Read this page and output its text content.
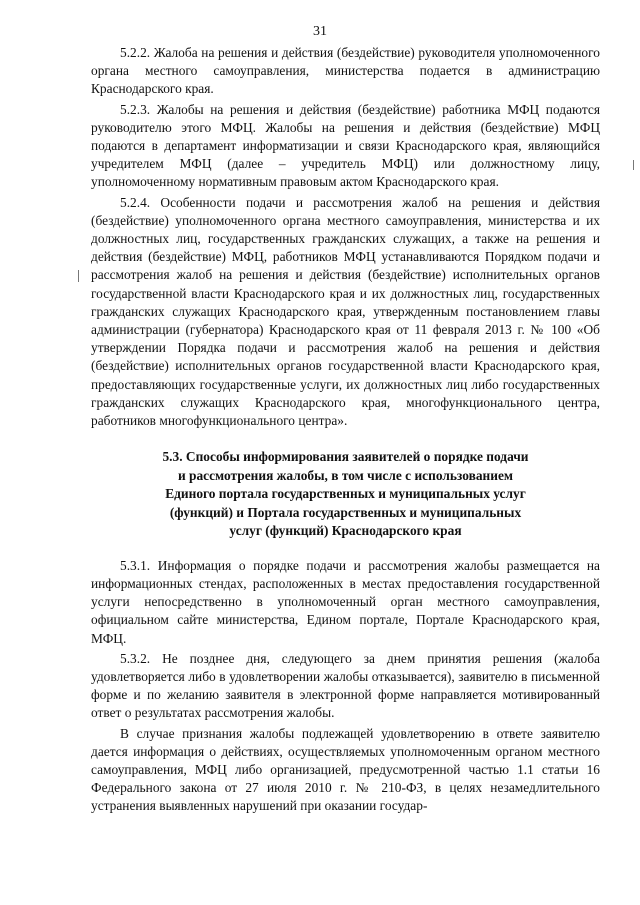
31

5.2.2. Жалоба на решения и действия (бездействие) руководителя уполномоченного органа местного самоуправления, министерства подается в администрацию Краснодарского края.

5.2.3. Жалобы на решения и действия (бездействие) работника МФЦ подаются руководителю этого МФЦ. Жалобы на решения и действия (бездействие) МФЦ подаются в департамент информатизации и связи Краснодарского края, являющийся учредителем МФЦ (далее – учредитель МФЦ) или должностному лицу, уполномоченному нормативным правовым актом Краснодарского края.

5.2.4. Особенности подачи и рассмотрения жалоб на решения и действия (бездействие) уполномоченного органа местного самоуправления, министерства и их должностных лиц, государственных гражданских служащих, а также на решения и действия (бездействие) МФЦ, работников МФЦ устанавливаются Порядком подачи и рассмотрения жалоб на решения и действия (бездействие) исполнительных органов государственной власти Краснодарского края и их должностных лиц, государственных гражданских служащих Краснодарского края, утвержденным постановлением главы администрации (губернатора) Краснодарского края от 11 февраля 2013 г. № 100 «Об утверждении Порядка подачи и рассмотрения жалоб на решения и действия (бездействие) исполнительных органов государственной власти Краснодарского края, предоставляющих государственные услуги, их должностных лиц либо государственных гражданских служащих Краснодарского края, многофункционального центра, работников многофункционального центра».

5.3. Способы информирования заявителей о порядке подачи
и рассмотрения жалобы, в том числе с использованием
Единого портала государственных и муниципальных услуг
(функций) и Портала государственных и муниципальных
услуг (функций) Краснодарского края

5.3.1. Информация о порядке подачи и рассмотрения жалобы размещается на информационных стендах, расположенных в местах предоставления государственной услуги непосредственно в уполномоченный орган местного самоуправления, официальном сайте министерства, Едином портале, Портале Краснодарского края, МФЦ.

5.3.2. Не позднее дня, следующего за днем принятия решения (жалоба удовлетворяется либо в удовлетворении жалобы отказывается), заявителю в письменной форме и по желанию заявителя в электронной форме направляется мотивированный ответ о результатах рассмотрения жалобы.

В случае признания жалобы подлежащей удовлетворению в ответе заявителю дается информация о действиях, осуществляемых уполномоченным органом местного самоуправления, МФЦ либо организацией, предусмотренной частью 1.1 статьи 16 Федерального закона от 27 июля 2010 г. № 210-ФЗ, в целях незамедлительного устранения выявленных нарушений при оказании государ-
